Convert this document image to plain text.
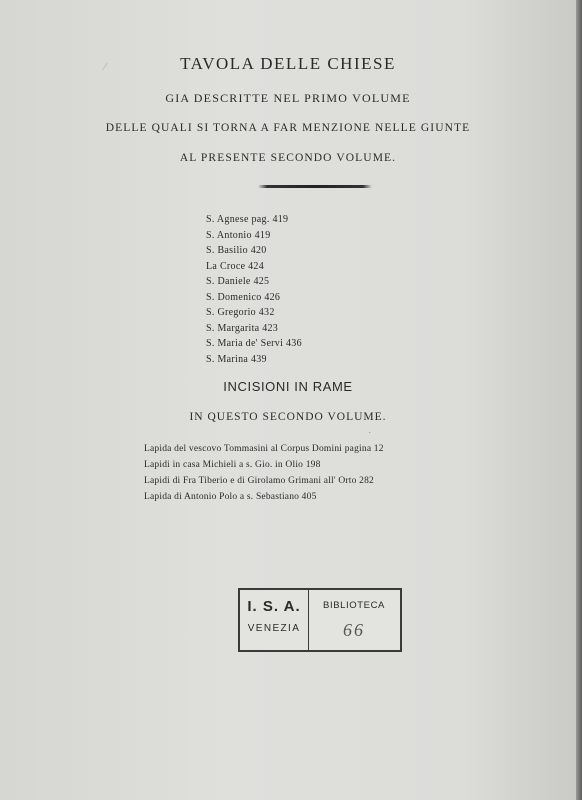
TAVOLA DELLE CHIESE
GIA DESCRITTE NEL PRIMO VOLUME
DELLE QUALI SI TORNA A FAR MENZIONE NELLE GIUNTE
AL PRESENTE SECONDO VOLUME.
S. Agnese pag. 419
S. Antonio 419
S. Basilio 420
La Croce 424
S. Daniele 425
S. Domenico 426
S. Gregorio 432
S. Margarita 423
S. Maria de' Servi 436
S. Marina 439
INCISIONI IN RAME
IN QUESTO SECONDO VOLUME.
Lapida del vescovo Tommasini al Corpus Domini pagina 12
Lapidi in casa Michieli a s. Gio. in Olio 198
Lapidi di Fra Tiberio e di Girolamo Grimani all' Orto 282
Lapida di Antonio Polo a s. Sebastiano 405
I. S. A.
VENEZIA
BIBLIOTECA
66
⁄
·
